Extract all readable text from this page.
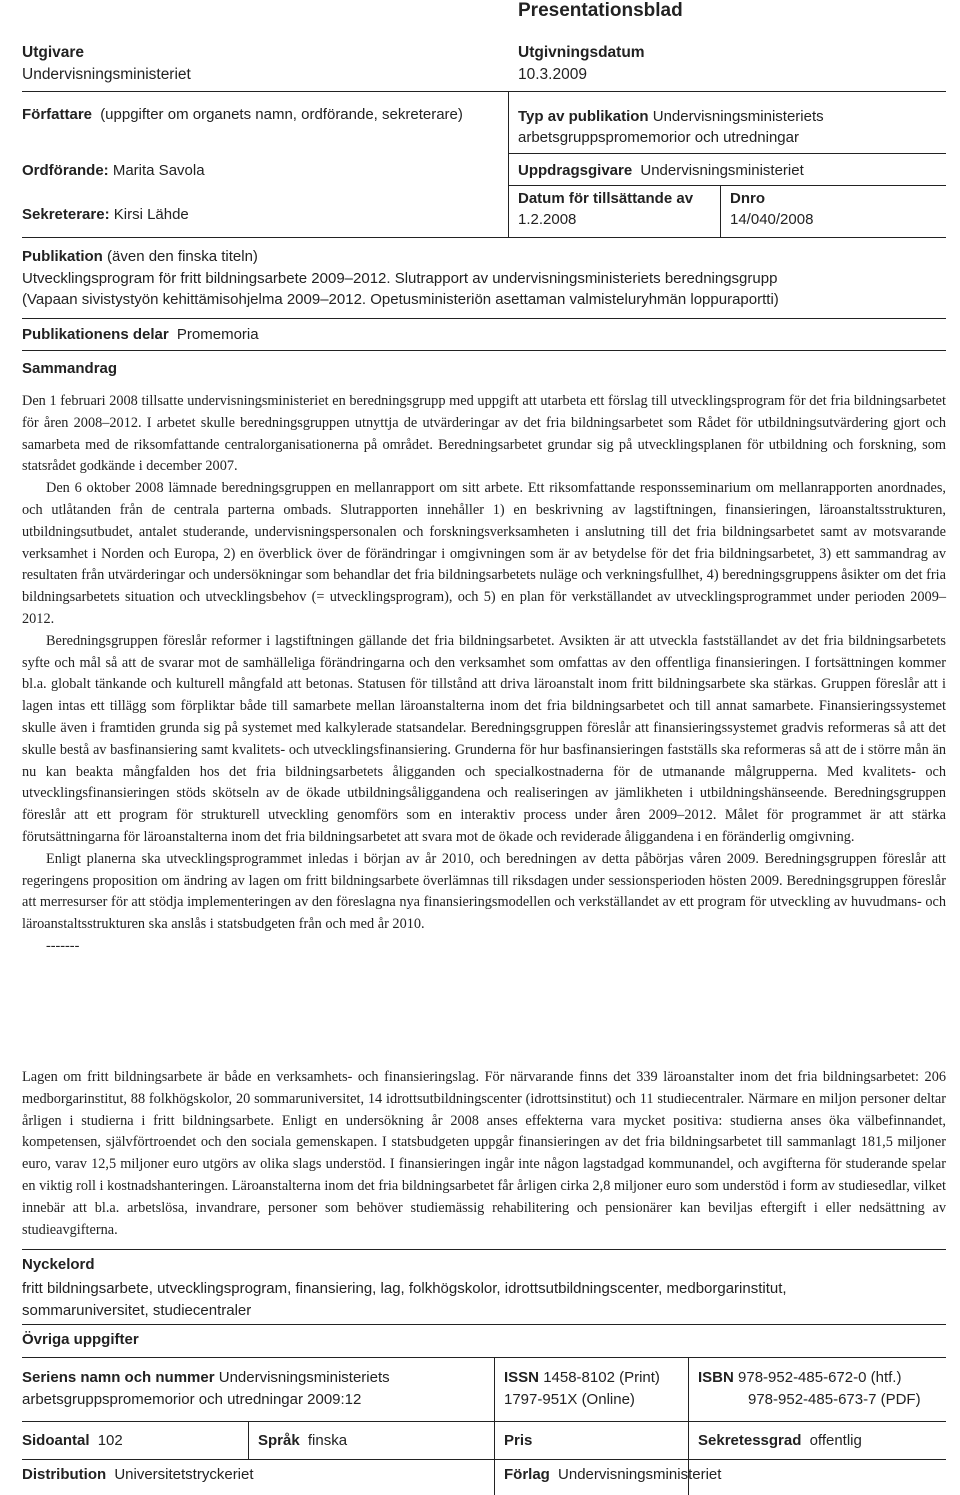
Presentationsblad
Utgivare
Undervisningsministeriet
Utgivningsdatum
10.3.2009
Författare (uppgifter om organets namn, ordförande, sekreterare)
Ordförande: Marita Savola
Sekreterare: Kirsi Lähde
Typ av publikation Undervisningsministeriets
arbetsgruppspromemorior och utredningar
Uppdragsgivare Undervisningsministeriet
Datum för tillsättande av
1.2.2008
Dnro
14/040/2008
Publikation (även den finska titeln)
Utvecklingsprogram för fritt bildningsarbete 2009–2012. Slutrapport av undervisningsministeriets beredningsgrupp
(Vapaan sivistystyön kehittämisohjelma 2009–2012. Opetusministeriön asettaman valmisteluryhmän loppuraportti)
Publikationens delar Promemoria
Sammandrag

Den 1 februari 2008 tillsatte undervisningsministeriet en beredningsgrupp med uppgift att utarbeta ett förslag till utvecklingsprogram för det fria bildningsarbetet för åren 2008–2012. I arbetet skulle beredningsgruppen utnyttja de utvärderingar av det fria bildningsarbetet som Rådet för utbildningsutvärdering gjort och samarbeta med de riksomfattande centralorganisationerna på området. Beredningsarbetet grundar sig på utvecklingsplanen för utbildning och forskning, som statsrådet godkände i december 2007.

Den 6 oktober 2008 lämnade beredningsgruppen en mellanrapport om sitt arbete. Ett riksomfattande responsseminarium om mellanrapporten anordnades, och utlåtanden från de centrala parterna ombads. Slutrapporten innehåller 1) en beskrivning av lagstiftningen, finansieringen, läroanstaltsstrukturen, utbildningsutbudet, antalet studerande, undervisningspersonalen och forskningsverksamheten i anslutning till det fria bildningsarbetet samt av motsvarande verksamhet i Norden och Europa, 2) en överblick över de förändringar i omgivningen som är av betydelse för det fria bildningsarbetet, 3) ett sammandrag av resultaten från utvärderingar och undersökningar som behandlar det fria bildningsarbetets nuläge och verkningsfullhet, 4) beredningsgruppens åsikter om det fria bildningsarbetets situation och utvecklingsbehov (= utvecklingsprogram), och 5) en plan för verkställandet av utvecklingsprogrammet under perioden 2009–2012.

Beredningsgruppen föreslår reformer i lagstiftningen gällande det fria bildningsarbetet. Avsikten är att utveckla fastställandet av det fria bildningsarbetets syfte och mål så att de svarar mot de samhälleliga förändringarna och den verksamhet som omfattas av den offentliga finansieringen. I fortsättningen kommer bl.a. globalt tänkande och kulturell mångfald att betonas. Statusen för tillstånd att driva läroanstalt inom fritt bildningsarbete ska stärkas. Gruppen föreslår att i lagen intas ett tillägg som förpliktar både till samarbete mellan läroanstalterna inom det fria bildningsarbetet och till annat samarbete. Finansieringssystemet skulle även i framtiden grunda sig på systemet med kalkylerade statsandelar. Beredningsgruppen föreslår att finansieringssystemet gradvis reformeras så att det skulle bestå av basfinansiering samt kvalitets- och utvecklingsfinansiering. Grunderna för hur basfinansieringen fastställs ska reformeras så att de i större mån än nu kan beakta mångfalden hos det fria bildningsarbetets åligganden och specialkostnaderna för de utmanande målgrupperna. Med kvalitets- och utvecklingsfinansieringen stöds skötseln av de ökade utbildningsåliggandena och realiseringen av jämlikheten i utbildningshänseende. Beredningsgruppen föreslår att ett program för strukturell utveckling genomförs som en interaktiv process under åren 2009–2012. Målet för programmet är att stärka förutsättningarna för läroanstalterna inom det fria bildningsarbetet att svara mot de ökade och reviderade åliggandena i en föränderlig omgivning.

Enligt planerna ska utvecklingsprogrammet inledas i början av år 2010, och beredningen av detta påbörjas våren 2009. Beredningsgruppen föreslår att regeringens proposition om ändring av lagen om fritt bildningsarbete överlämnas till riksdagen under sessionsperioden hösten 2009. Beredningsgruppen föreslår att merresurser för att stödja implementeringen av den föreslagna nya finansieringsmodellen och verkställandet av ett program för utveckling av huvudmans- och läroanstaltsstrukturen ska anslås i statsbudgeten från och med år 2010.

-------

Lagen om fritt bildningsarbete är både en verksamhets- och finansieringslag. För närvarande finns det 339 läroanstalter inom det fria bildningsarbetet: 206 medborgarinstitut, 88 folkhögskolor, 20 sommaruniversitet, 14 idrottsutbildningscenter (idrottsinstitut) och 11 studiecentraler. Närmare en miljon personer deltar årligen i studierna i fritt bildningsarbete. Enligt en undersökning år 2008 anses effekterna vara mycket positiva: studierna anses öka välbefinnandet, kompetensen, självförtroendet och den sociala gemenskapen. I statsbudgeten uppgår finansieringen av det fria bildningsarbetet till sammanlagt 181,5 miljoner euro, varav 12,5 miljoner euro utgörs av olika slags understöd. I finansieringen ingår inte någon lagstadgad kommunandel, och avgifterna för studerande spelar en viktig roll i kostnadshanteringen. Läroanstalterna inom det fria bildningsarbetet får årligen cirka 2,8 miljoner euro som understöd i form av studiesedlar, vilket innebär att bl.a. arbetslösa, invandrare, personer som behöver studiemässig rehabilitering och pensionärer kan beviljas eftergift i eller nedsättning av studieavgifterna.

Nyckelord
fritt bildningsarbete, utvecklingsprogram, finansiering, lag, folkhögskolor, idrottsutbildningscenter, medborgarinstitut,
sommaruniversitet, studiecentraler
Övriga uppgifter
Seriens namn och nummer Undervisningsministeriets
arbetsgruppspromemorior och utredningar 2009:12
ISSN 1458-8102 (Print)
1797-951X (Online)
ISBN 978-952-485-672-0 (htf.)
978-952-485-673-7 (PDF)
Sidoantal 102	Språk finska	Pris	Sekretessgrad offentlig
Distribution Universitetstryckeriet	Förlag Undervisningsministeriet
